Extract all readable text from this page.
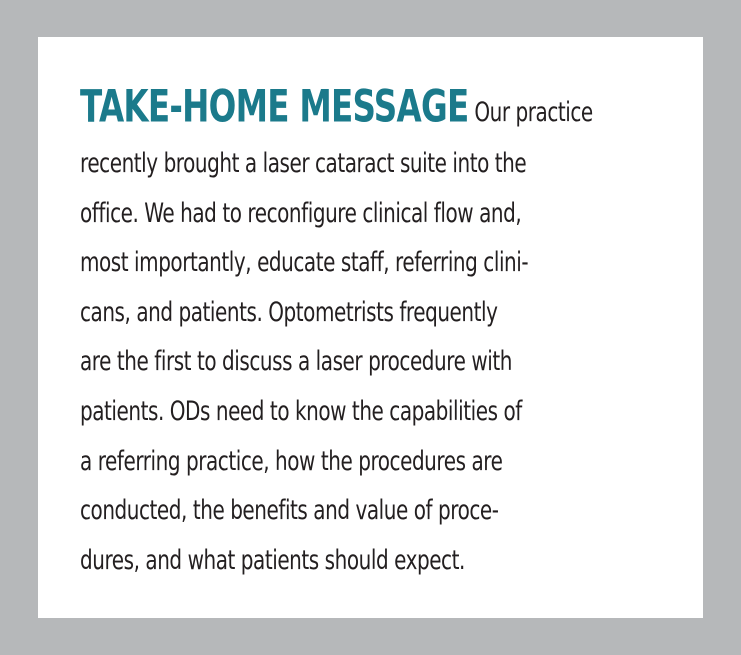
TAKE-HOME MESSAGE Our practice
recently brought a laser cataract suite into the
office. We had to reconfigure clinical flow and,
most importantly, educate staff, referring clini-
cans, and patients. Optometrists frequently
are the first to discuss a laser procedure with
patients. ODs need to know the capabilities of
a referring practice, how the procedures are
conducted, the benefits and value of proce-
dures, and what patients should expect.
